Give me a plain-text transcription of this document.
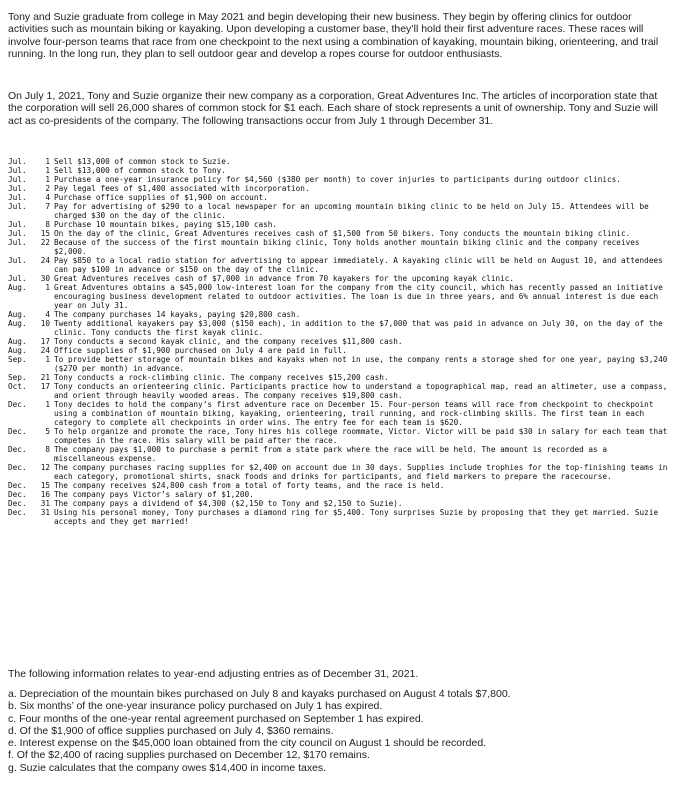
Tony and Suzie graduate from college in May 2021 and begin developing their new business. They begin by offering clinics for outdoor activities such as mountain biking or kayaking. Upon developing a customer base, they’ll hold their first adventure races. These races will involve four-person teams that race from one checkpoint to the next using a combination of kayaking, mountain biking, orienteering, and trail running. In the long run, they plan to sell outdoor gear and develop a ropes course for outdoor enthusiasts.

On July 1, 2021, Tony and Suzie organize their new company as a corporation, Great Adventures Inc. The articles of incorporation state that the corporation will sell 26,000 shares of common stock for $1 each. Each share of stock represents a unit of ownership. Tony and Suzie will act as co-presidents of the company. The following transactions occur from July 1 through December 31.

Jul.	1 Sell $13,000 of common stock to Suzie.
Jul.	1 Sell $13,000 of common stock to Tony.
Jul.	1 Purchase a one-year insurance policy for $4,560 ($380 per month) to cover injuries to participants during outdoor clinics.
Jul.	2 Pay legal fees of $1,400 associated with incorporation.
Jul.	4 Purchase office supplies of $1,900 on account.
Jul.	7 Pay for advertising of $290 to a local newspaper for an upcoming mountain biking clinic to be held on July 15. Attendees will be charged $30 on the day of the clinic.
Jul.	8 Purchase 10 mountain bikes, paying $15,100 cash.
Jul.	15 On the day of the clinic, Great Adventures receives cash of $1,500 from 50 bikers. Tony conducts the mountain biking clinic.
Jul.	22 Because of the success of the first mountain biking clinic, Tony holds another mountain biking clinic and the company receives $2,000.
Jul.	24 Pay $850 to a local radio station for advertising to appear immediately. A kayaking clinic will be held on August 10, and attendees can pay $100 in advance or $150 on the day of the clinic.
Jul.	30 Great Adventures receives cash of $7,000 in advance from 70 kayakers for the upcoming kayak clinic.
Aug.	1 Great Adventures obtains a $45,000 low-interest loan for the company from the city council, which has recently passed an initiative encouraging business development related to outdoor activities. The loan is due in three years, and 6% annual interest is due each year on July 31.
Aug.	4 The company purchases 14 kayaks, paying $20,800 cash.
Aug.	10 Twenty additional kayakers pay $3,000 ($150 each), in addition to the $7,000 that was paid in advance on July 30, on the day of the clinic. Tony conducts the first kayak clinic.
Aug.	17 Tony conducts a second kayak clinic, and the company receives $11,800 cash.
Aug.	24 Office supplies of $1,900 purchased on July 4 are paid in full.
Sep.	1 To provide better storage of mountain bikes and kayaks when not in use, the company rents a storage shed for one year, paying $3,240 ($270 per month) in advance.
Sep.	21 Tony conducts a rock-climbing clinic. The company receives $15,200 cash.
Oct.	17 Tony conducts an orienteering clinic. Participants practice how to understand a topographical map, read an altimeter, use a compass, and orient through heavily wooded areas. The company receives $19,800 cash.
Dec.	1 Tony decides to hold the company’s first adventure race on December 15. Four-person teams will race from checkpoint to checkpoint using a combination of mountain biking, kayaking, orienteering, trail running, and rock-climbing skills. The first team in each category to complete all checkpoints in order wins. The entry fee for each team is $620.
Dec.	5 To help organize and promote the race, Tony hires his college roommate, Victor. Victor will be paid $30 in salary for each team that competes in the race. His salary will be paid after the race.
Dec.	8 The company pays $1,000 to purchase a permit from a state park where the race will be held. The amount is recorded as a miscellaneous expense.
Dec.	12 The company purchases racing supplies for $2,400 on account due in 30 days. Supplies include trophies for the top-finishing teams in each category, promotional shirts, snack foods and drinks for participants, and field markers to prepare the racecourse.
Dec.	15 The company receives $24,800 cash from a total of forty teams, and the race is held.
Dec.	16 The company pays Victor’s salary of $1,200.
Dec.	31 The company pays a dividend of $4,300 ($2,150 to Tony and $2,150 to Suzie).
Dec.	31 Using his personal money, Tony purchases a diamond ring for $5,400. Tony surprises Suzie by proposing that they get married. Suzie accepts and they get married!

The following information relates to year-end adjusting entries as of December 31, 2021.

a. Depreciation of the mountain bikes purchased on July 8 and kayaks purchased on August 4 totals $7,800.
b. Six months’ of the one-year insurance policy purchased on July 1 has expired.
c. Four months of the one-year rental agreement purchased on September 1 has expired.
d. Of the $1,900 of office supplies purchased on July 4, $360 remains.
e. Interest expense on the $45,000 loan obtained from the city council on August 1 should be recorded.
f. Of the $2,400 of racing supplies purchased on December 12, $170 remains.
g. Suzie calculates that the company owes $14,400 in income taxes.
